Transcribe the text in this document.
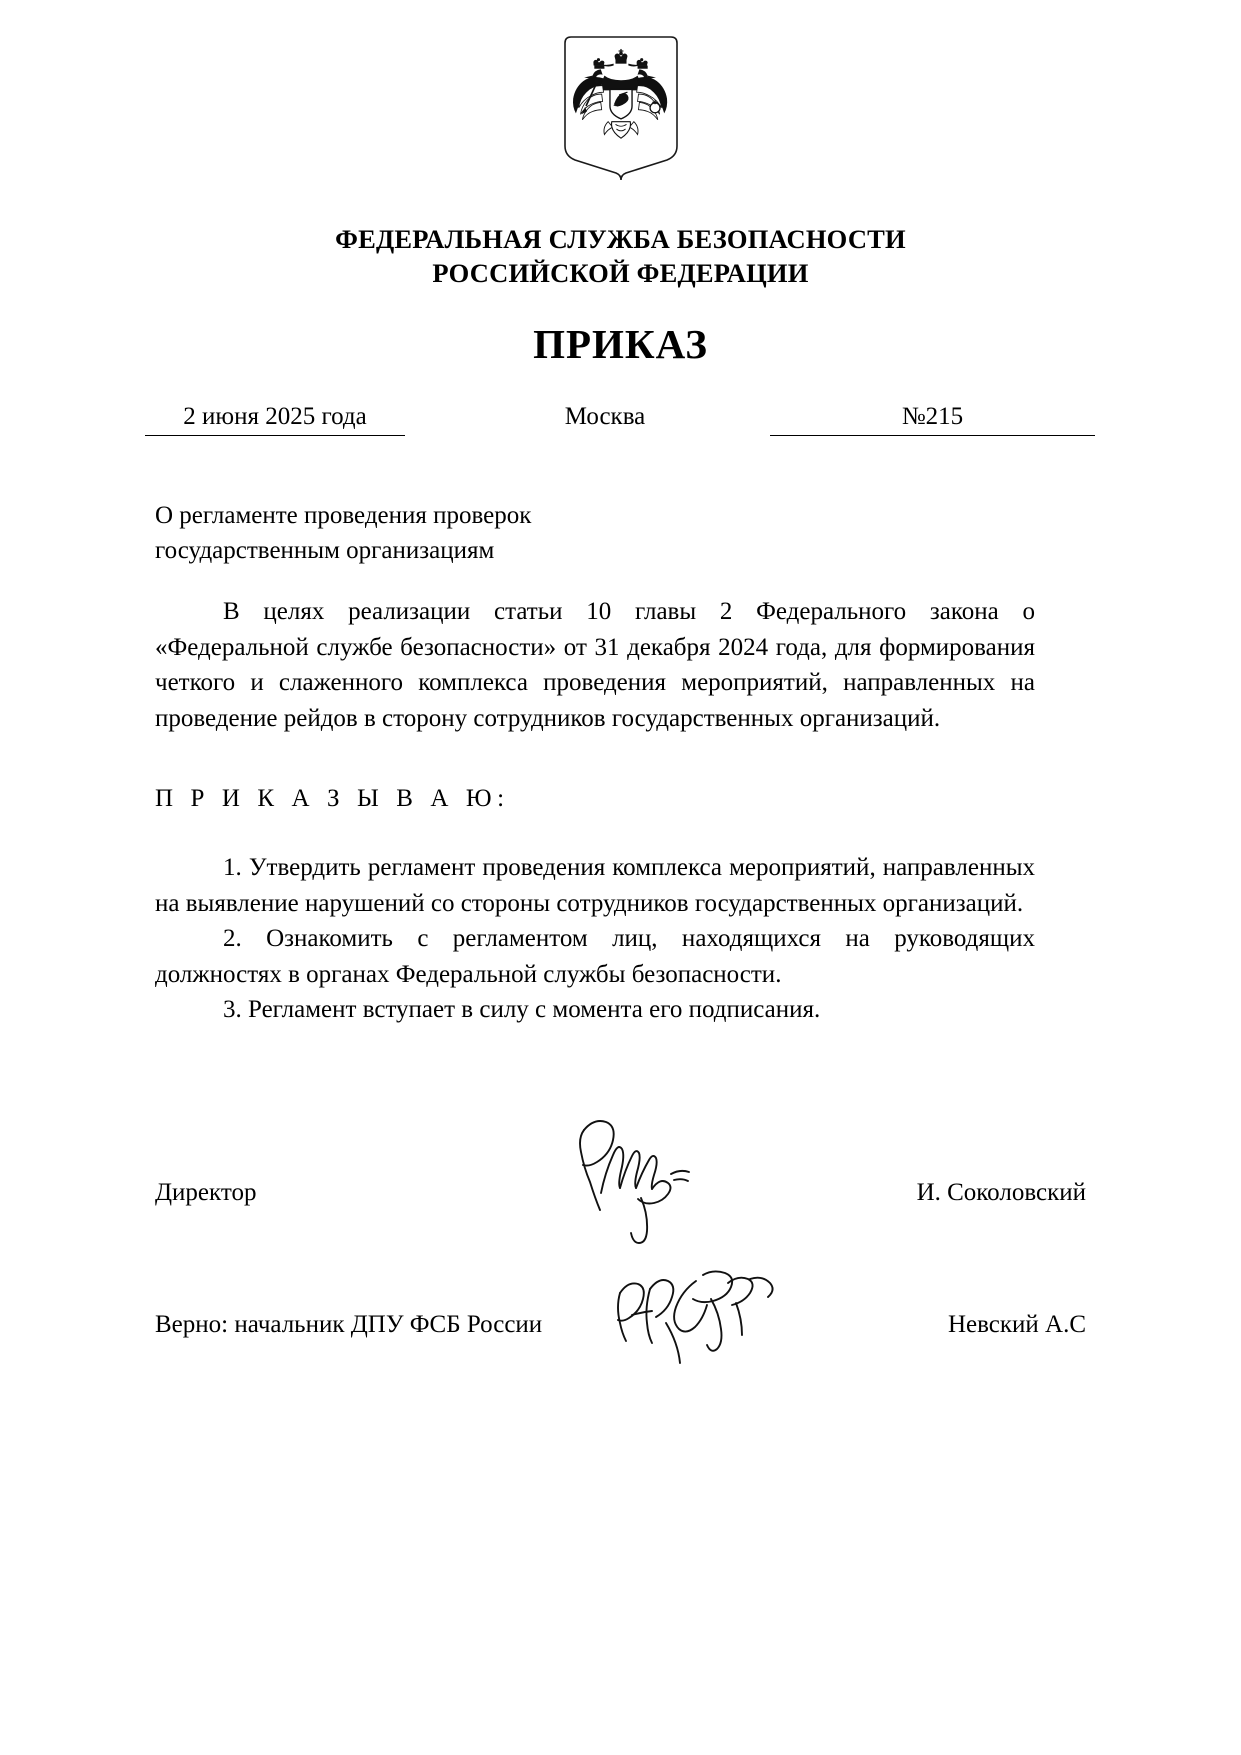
ФЕДЕРАЛЬНАЯ СЛУЖБА БЕЗОПАСНОСТИ
РОССИЙСКОЙ ФЕДЕРАЦИИ
ПРИКАЗ
2 июня 2025 года	Москва	№215
О регламенте проведения проверок
государственным организациям

В целях реализации статьи 10 главы 2 Федерального закона о «Федеральной службе безопасности» от 31 декабря 2024 года, для формирования четкого и слаженного комплекса проведения мероприятий, направленных на проведение рейдов в сторону сотрудников государственных организаций.

П Р И К А З Ы В А Ю:

1. Утвердить регламент проведения комплекса мероприятий, направленных на выявление нарушений со стороны сотрудников государственных организаций.

2. Ознакомить с регламентом лиц, находящихся на руководящих должностях в органах Федеральной службы безопасности.

3. Регламент вступает в силу с момента его подписания.

Директор	И. Соколовский
Верно: начальник ДПУ ФСБ России	Невский А.С
